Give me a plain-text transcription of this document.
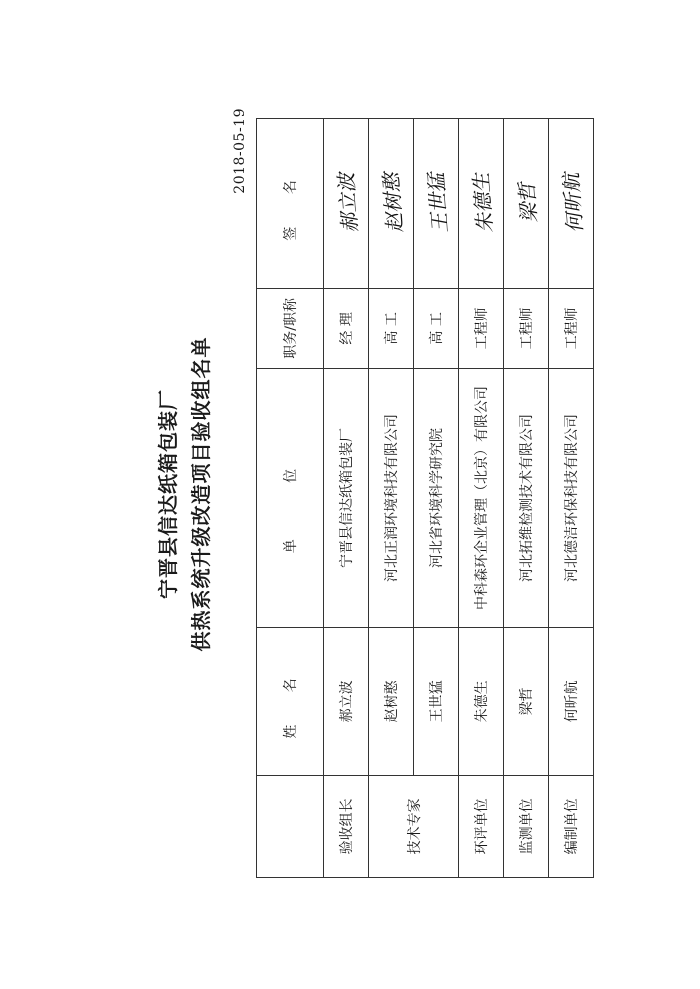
宁晋县信达纸箱包装厂 供热系统升级改造项目验收组名单
2018-05-19
	姓 名	单 位	职务/职称	签 名
验收组长	郝立波	宁晋县信达纸箱包装厂	经 理	郝立波
技术专家	赵树憨	河北正润环境科技有限公司	高 工	赵树憨
	王世猛	河北省环境科学研究院	高 工	王世猛
环评单位	朱德生	中科森环企业管理（北京）有限公司	工程师	朱德生
监测单位	梁哲	河北拓维检测技术有限公司	工程师	梁哲
编制单位	何昕航	河北德洁环保科技有限公司	工程师	何昕航
